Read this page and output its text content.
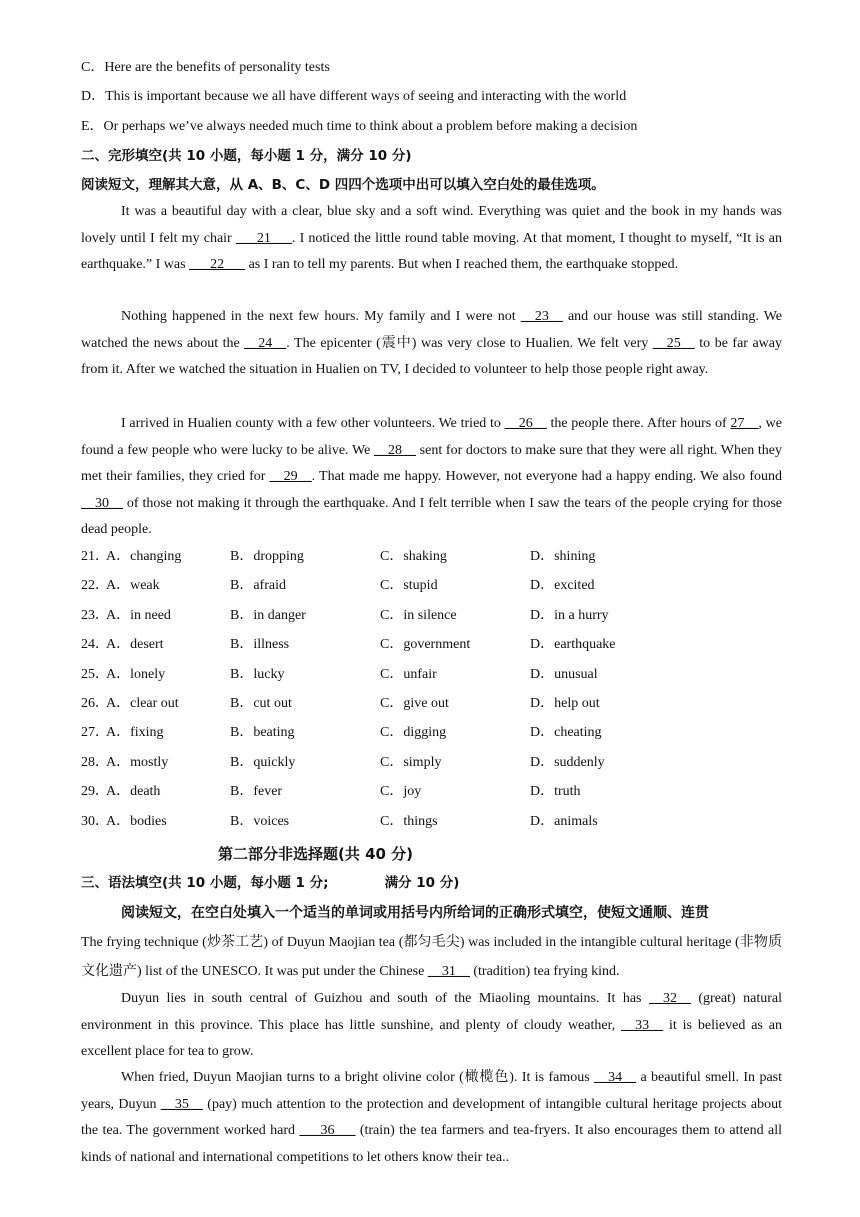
C．Here are the benefits of personality tests
D．This is important because we all have different ways of seeing and interacting with the world
E．Or perhaps we’ve always needed much time to think about a problem before making a decision
二、完形填空(共 10 小题，每小题 1 分，满分 10 分)
阅读短文，理解其大意，从 A、B、C、D 四四个选项中出可以填入空白处的最佳选项。
It was a beautiful day with a clear, blue sky and a soft wind. Everything was quiet and the book in my hands was lovely until I felt my chair ___21___. I noticed the little round table moving. At that moment, I thought to myself, “It is an earthquake.” I was ___22___ as I ran to tell my parents. But when I reached them, the earthquake stopped.
Nothing happened in the next few hours. My family and I were not __23__ and our house was still standing. We watched the news about the __24__. The epicenter (震中) was very close to Hualien. We felt very __25__ to be far away from it. After we watched the situation in Hualien on TV, I decided to volunteer to help those people right away.
I arrived in Hualien county with a few other volunteers. We tried to __26__ the people there. After hours of 27__, we found a few people who were lucky to be alive. We __28__ sent for doctors to make sure that they were all right. When they met their families, they cried for __29__. That made me happy. However, not everyone had a happy ending. We also found __30__ of those not making it through the earthquake. And I felt terrible when I saw the tears of the people crying for those dead people.
21．
A．changing	B．dropping	C．shaking	D．shining
22．
A．weak	B．afraid	C．stupid	D．excited
23．
A．in need	B．in danger	C．in silence	D．in a hurry
24．
A．desert	B．illness	C．government	D．earthquake
25．
A．lonely	B．lucky	C．unfair	D．unusual
26．
A．clear out	B．cut out	C．give out	D．help out
27．
A．fixing	B．beating	C．digging	D．cheating
28．
A．mostly	B．quickly	C．simply	D．suddenly
29．
A．death	B．fever	C．joy	D．truth
30．
A．bodies	B．voices	C．things	D．animals
第二部分非选择题(共 40 分)
三、语法填空(共 10 小题，每小题 1 分;	满分 10 分)
阅读短文，在空白处填入一个适当的单词或用括号内所给词的正确形式填空，使短文通顺、连贯
The frying technique (炒茶工艺) of Duyun Maojian tea (都匀毛尖) was included in the intangible cultural heritage (非物质文化遗产) list of the UNESCO. It was put under the Chinese __31__ (tradition) tea frying kind.
Duyun lies in south central of Guizhou and south of the Miaoling mountains. It has __32__ (great) natural environment in this province. This place has little sunshine, and plenty of cloudy weather, __33__ it is believed as an excellent place for tea to grow.
When fried, Duyun Maojian turns to a bright olivine color (橄榄色). It is famous __34__ a beautiful smell. In past years, Duyun __35__ (pay) much attention to the protection and development of intangible cultural heritage projects about the tea. The government worked hard ___36___ (train) the tea farmers and tea-fryers. It also encourages them to attend all kinds of national and international competitions to let others know their tea..
